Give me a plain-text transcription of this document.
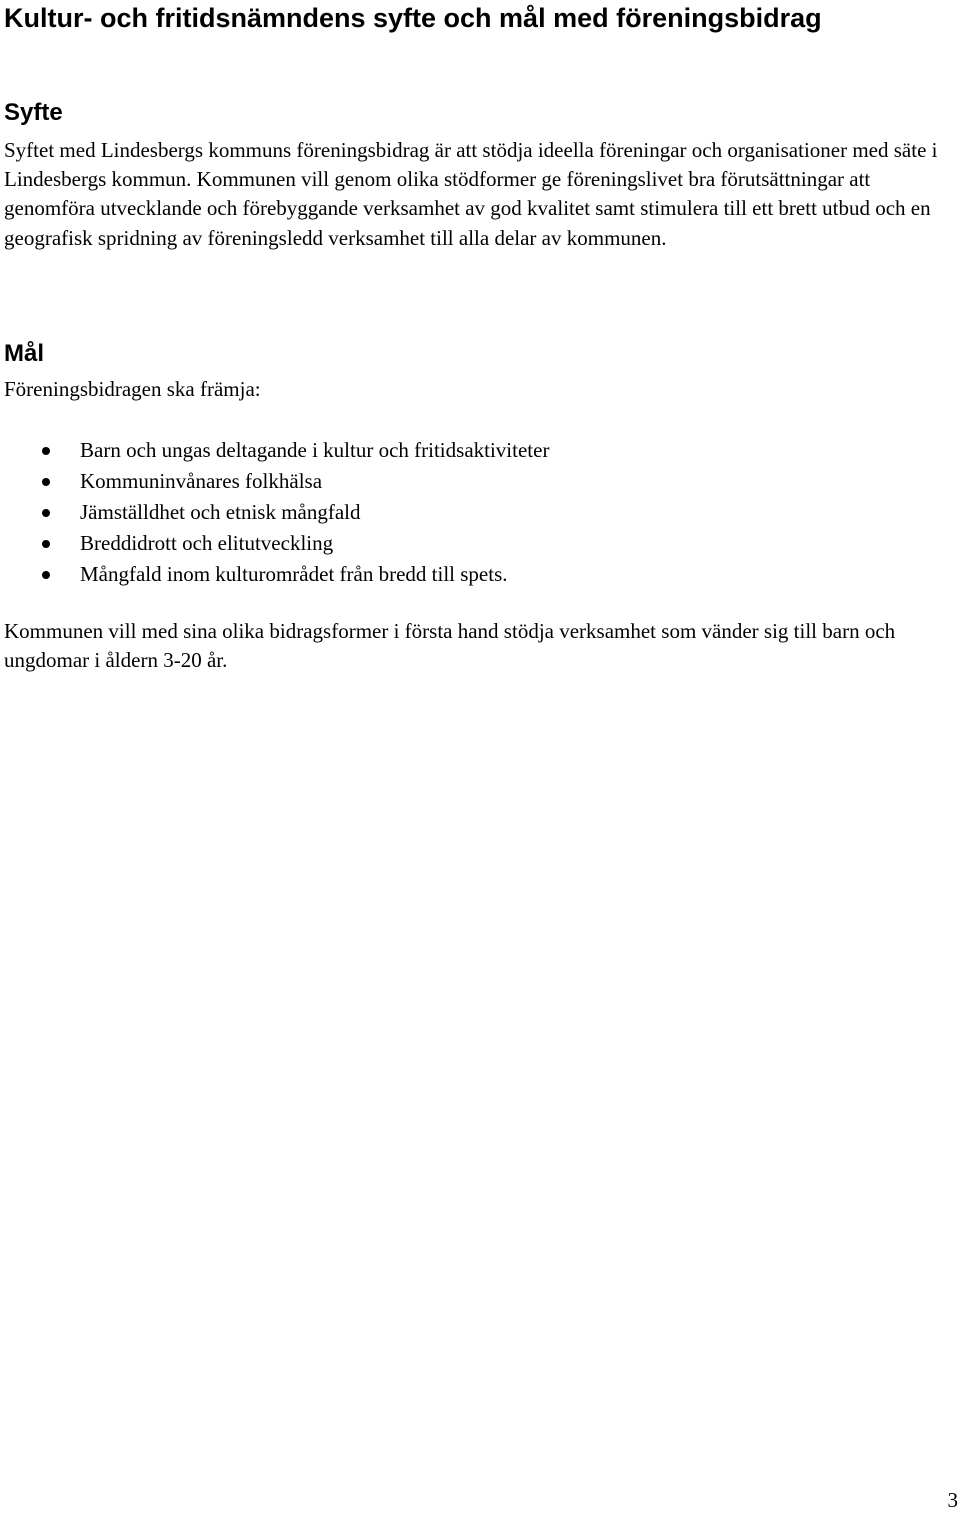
Kultur- och fritidsnämndens syfte och mål med föreningsbidrag
Syfte

Syftet med Lindesbergs kommuns föreningsbidrag är att stödja ideella föreningar och organisationer med säte i Lindesbergs kommun. Kommunen vill genom olika stödformer ge föreningslivet bra förutsättningar att genomföra utvecklande och förebyggande verksamhet av god kvalitet samt stimulera till ett brett utbud och en geografisk spridning av föreningsledd verksamhet till alla delar av kommunen.

Mål

Föreningsbidragen ska främja:

Barn och ungas deltagande i kultur och fritidsaktiviteter
Kommuninvånares folkhälsa
Jämställdhet och etnisk mångfald
Breddidrott och elitutveckling
Mångfald inom kulturområdet från bredd till spets.

Kommunen vill med sina olika bidragsformer i första hand stödja verksamhet som vänder sig till barn och ungdomar i åldern 3-20 år.

3
